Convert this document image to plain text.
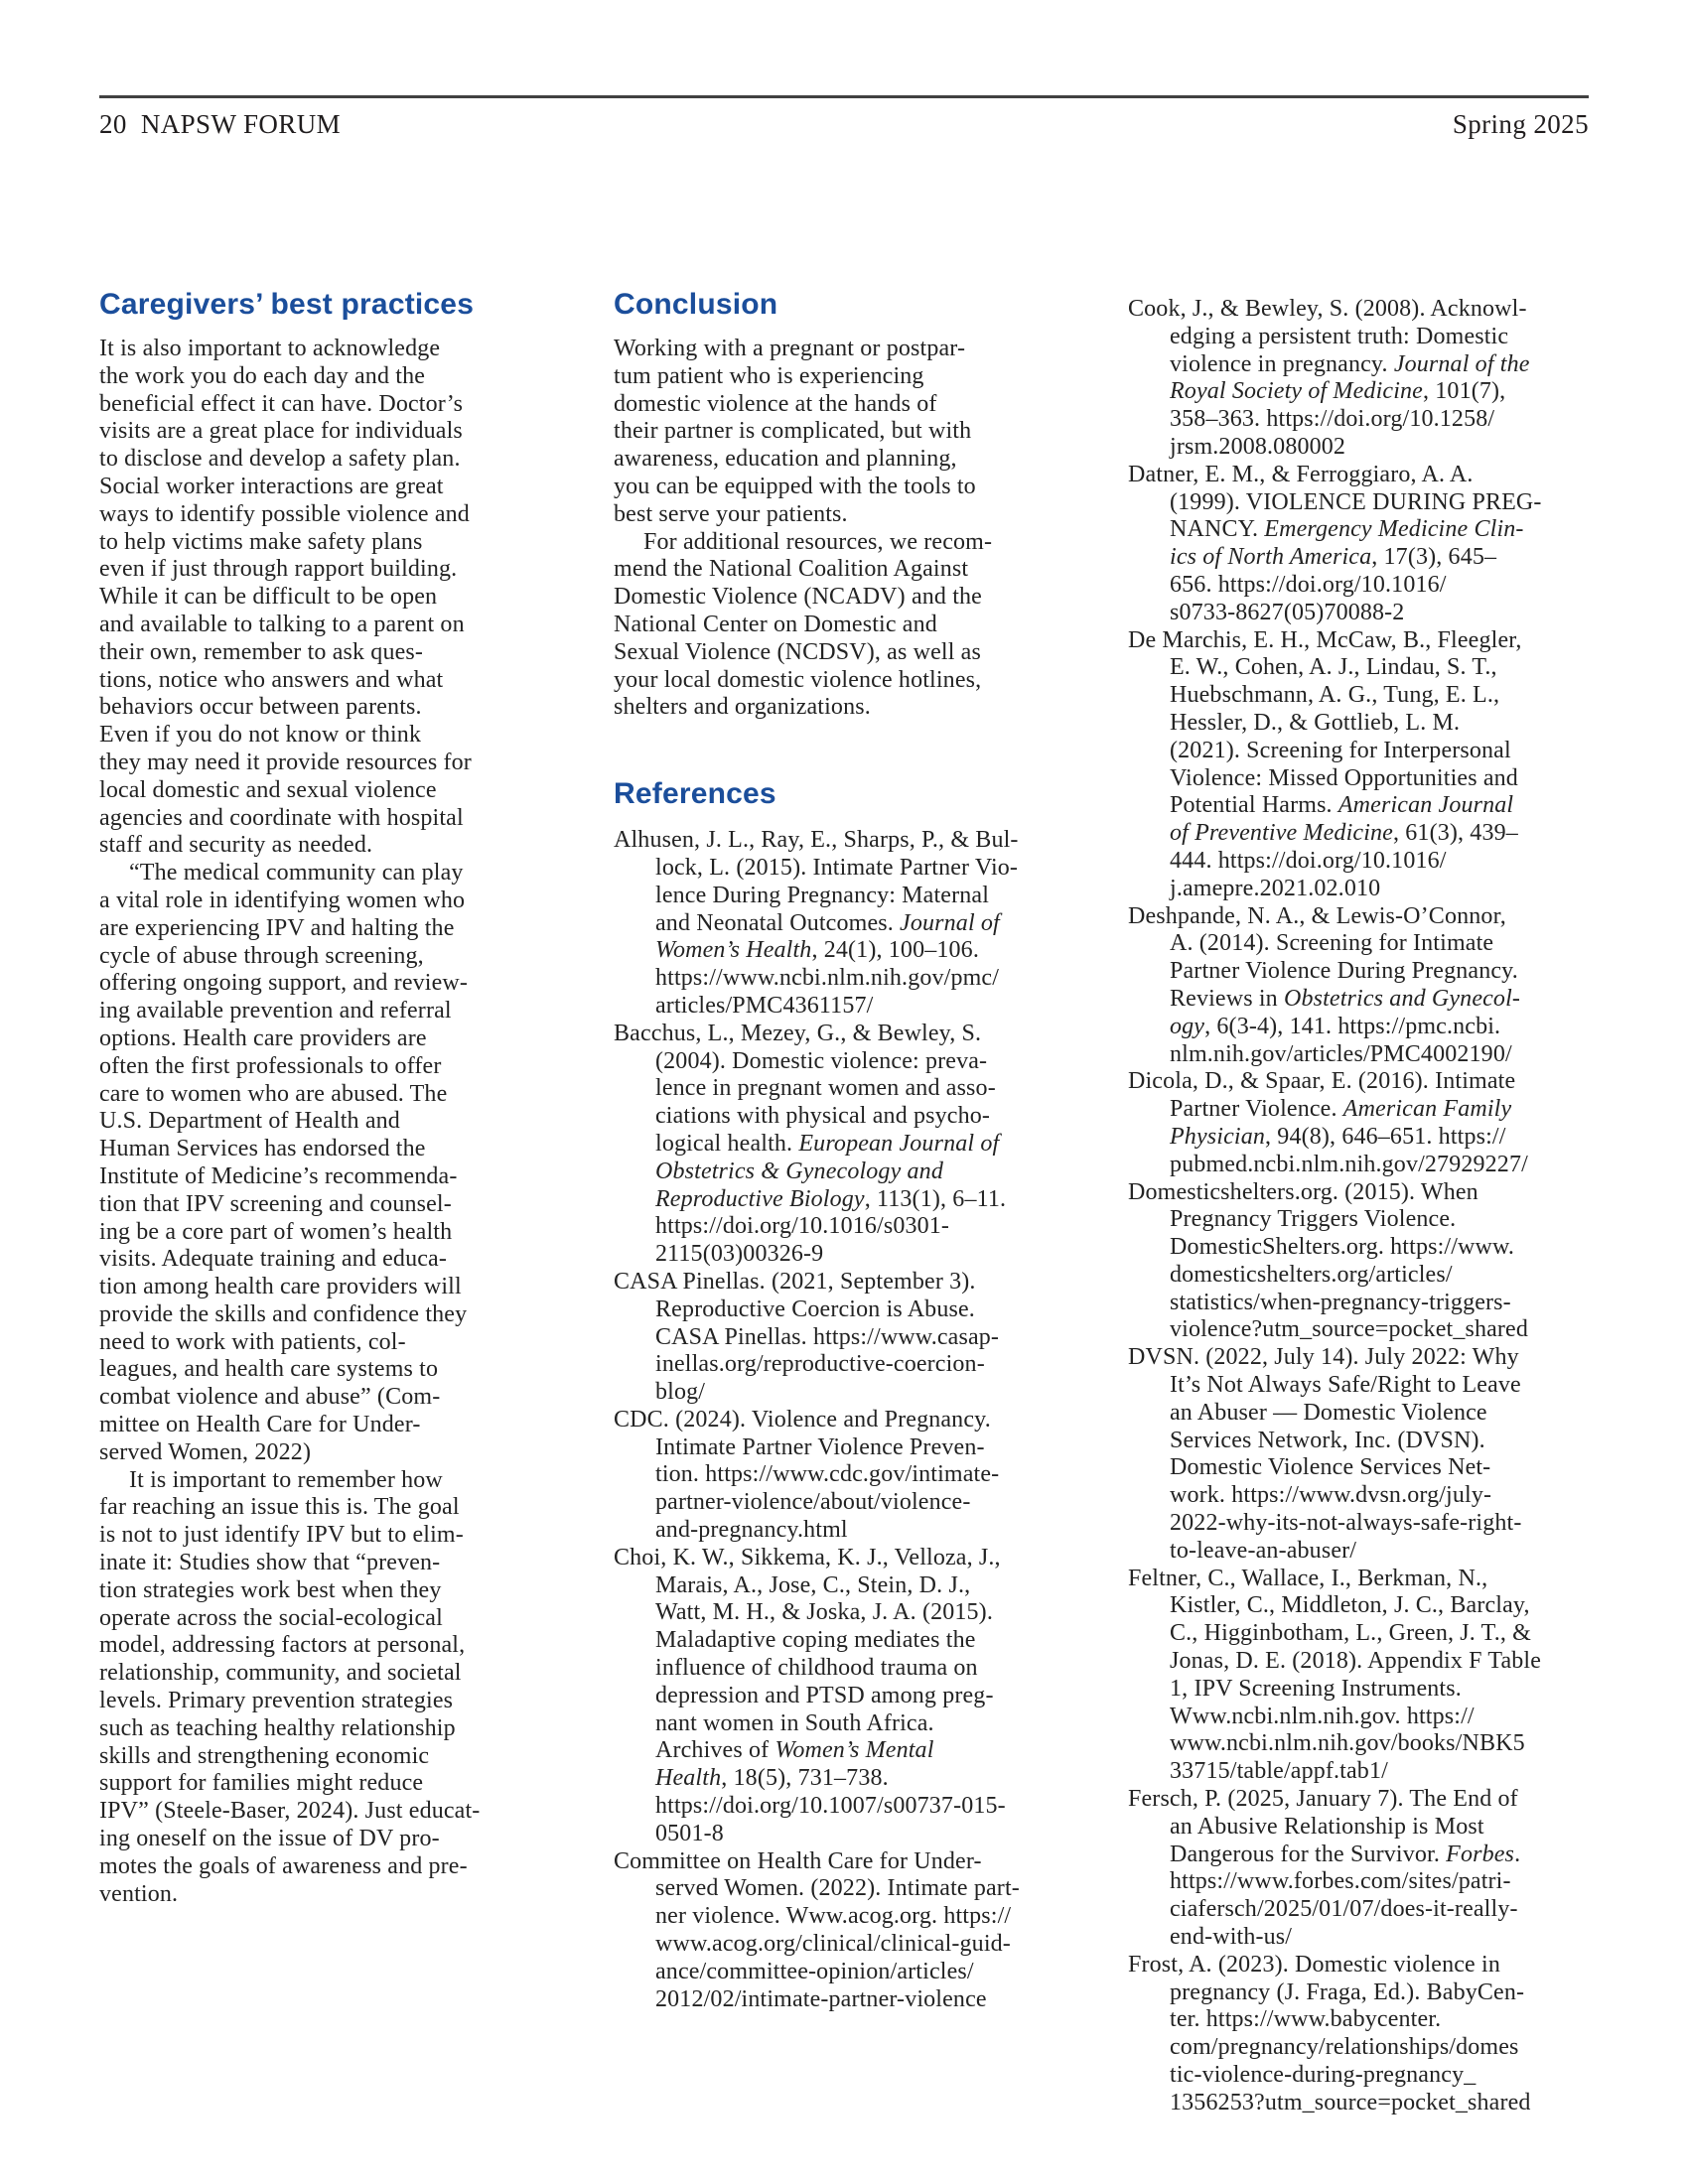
20 NAPSW FORUM	Spring 2025
Caregivers’ best practices
It is also important to acknowledge
the work you do each day and the
beneficial effect it can have. Doctor’s
visits are a great place for individuals
to disclose and develop a safety plan.
Social worker interactions are great
ways to identify possible violence and
to help victims make safety plans
even if just through rapport building.
While it can be difficult to be open
and available to talking to a parent on
their own, remember to ask ques-
tions, notice who answers and what
behaviors occur between parents.
Even if you do not know or think
they may need it provide resources for
local domestic and sexual violence
agencies and coordinate with hospital
staff and security as needed.
“The medical community can play
a vital role in identifying women who
are experiencing IPV and halting the
cycle of abuse through screening,
offering ongoing support, and review-
ing available prevention and referral
options. Health care providers are
often the first professionals to offer
care to women who are abused. The
U.S. Department of Health and
Human Services has endorsed the
Institute of Medicine’s recommenda-
tion that IPV screening and counsel-
ing be a core part of women’s health
visits. Adequate training and educa-
tion among health care providers will
provide the skills and confidence they
need to work with patients, col-
leagues, and health care systems to
combat violence and abuse” (Com-
mittee on Health Care for Under-
served Women, 2022)
It is important to remember how
far reaching an issue this is. The goal
is not to just identify IPV but to elim-
inate it: Studies show that “preven-
tion strategies work best when they
operate across the social-ecological
model, addressing factors at personal,
relationship, community, and societal
levels. Primary prevention strategies
such as teaching healthy relationship
skills and strengthening economic
support for families might reduce
IPV” (Steele-Baser, 2024). Just educat-
ing oneself on the issue of DV pro-
motes the goals of awareness and pre-
vention.
Conclusion
Working with a pregnant or postpar-
tum patient who is experiencing
domestic violence at the hands of
their partner is complicated, but with
awareness, education and planning,
you can be equipped with the tools to
best serve your patients.
For additional resources, we recom-
mend the National Coalition Against
Domestic Violence (NCADV) and the
National Center on Domestic and
Sexual Violence (NCDSV), as well as
your local domestic violence hotlines,
shelters and organizations.
References
Alhusen, J. L., Ray, E., Sharps, P., & Bul-
lock, L. (2015). Intimate Partner Vio-
lence During Pregnancy: Maternal
and Neonatal Outcomes. Journal of
Women’s Health, 24(1), 100–106.
https://www.ncbi.nlm.nih.gov/pmc/
articles/PMC4361157/
Bacchus, L., Mezey, G., & Bewley, S.
(2004). Domestic violence: preva-
lence in pregnant women and asso-
ciations with physical and psycho-
logical health. European Journal of
Obstetrics & Gynecology and
Reproductive Biology, 113(1), 6–11.
https://doi.org/10.1016/s0301-
2115(03)00326-9
CASA Pinellas. (2021, September 3).
Reproductive Coercion is Abuse.
CASA Pinellas. https://www.casap-
inellas.org/reproductive-coercion-
blog/
CDC. (2024). Violence and Pregnancy.
Intimate Partner Violence Preven-
tion. https://www.cdc.gov/intimate-
partner-violence/about/violence-
and-pregnancy.html
Choi, K. W., Sikkema, K. J., Velloza, J.,
Marais, A., Jose, C., Stein, D. J.,
Watt, M. H., & Joska, J. A. (2015).
Maladaptive coping mediates the
influence of childhood trauma on
depression and PTSD among preg-
nant women in South Africa.
Archives of Women’s Mental
Health, 18(5), 731–738.
https://doi.org/10.1007/s00737-015-
0501-8
Committee on Health Care for Under-
served Women. (2022). Intimate part-
ner violence. Www.acog.org. https://
www.acog.org/clinical/clinical-guid-
ance/committee-opinion/articles/
2012/02/intimate-partner-violence
Cook, J., & Bewley, S. (2008). Acknowl-
edging a persistent truth: Domestic
violence in pregnancy. Journal of the
Royal Society of Medicine, 101(7),
358–363. https://doi.org/10.1258/
jrsm.2008.080002
Datner, E. M., & Ferroggiaro, A. A.
(1999). VIOLENCE DURING PREG-
NANCY. Emergency Medicine Clin-
ics of North America, 17(3), 645–
656. https://doi.org/10.1016/
s0733-8627(05)70088-2
De Marchis, E. H., McCaw, B., Fleegler,
E. W., Cohen, A. J., Lindau, S. T.,
Huebschmann, A. G., Tung, E. L.,
Hessler, D., & Gottlieb, L. M.
(2021). Screening for Interpersonal
Violence: Missed Opportunities and
Potential Harms. American Journal
of Preventive Medicine, 61(3), 439–
444. https://doi.org/10.1016/
j.amepre.2021.02.010
Deshpande, N. A., & Lewis-O’Connor,
A. (2014). Screening for Intimate
Partner Violence During Pregnancy.
Reviews in Obstetrics and Gynecol-
ogy, 6(3-4), 141. https://pmc.ncbi.
nlm.nih.gov/articles/PMC4002190/
Dicola, D., & Spaar, E. (2016). Intimate
Partner Violence. American Family
Physician, 94(8), 646–651. https://
pubmed.ncbi.nlm.nih.gov/27929227/
Domesticshelters.org. (2015). When
Pregnancy Triggers Violence.
DomesticShelters.org. https://www.
domesticshelters.org/articles/
statistics/when-pregnancy-triggers-
violence?utm_source=pocket_shared
DVSN. (2022, July 14). July 2022: Why
It’s Not Always Safe/Right to Leave
an Abuser — Domestic Violence
Services Network, Inc. (DVSN).
Domestic Violence Services Net-
work. https://www.dvsn.org/july-
2022-why-its-not-always-safe-right-
to-leave-an-abuser/
Feltner, C., Wallace, I., Berkman, N.,
Kistler, C., Middleton, J. C., Barclay,
C., Higginbotham, L., Green, J. T., &
Jonas, D. E. (2018). Appendix F Table
1, IPV Screening Instruments.
Www.ncbi.nlm.nih.gov. https://
www.ncbi.nlm.nih.gov/books/NBK5
33715/table/appf.tab1/
Fersch, P. (2025, January 7). The End of
an Abusive Relationship is Most
Dangerous for the Survivor. Forbes.
https://www.forbes.com/sites/patri-
ciafersch/2025/01/07/does-it-really-
end-with-us/
Frost, A. (2023). Domestic violence in
pregnancy (J. Fraga, Ed.). BabyCen-
ter. https://www.babycenter.
com/pregnancy/relationships/domes
tic-violence-during-pregnancy_
1356253?utm_source=pocket_shared
